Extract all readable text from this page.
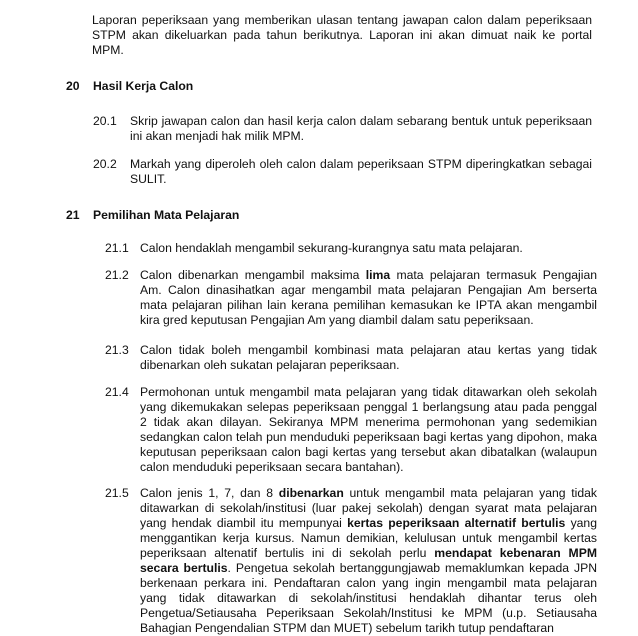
Laporan peperiksaan yang memberikan ulasan tentang jawapan calon dalam peperiksaan STPM akan dikeluarkan pada tahun berikutnya. Laporan ini akan dimuat naik ke portal MPM.

20 Hasil Kerja Calon
20.1	Skrip jawapan calon dan hasil kerja calon dalam sebarang bentuk untuk peperiksaan ini akan menjadi hak milik MPM.
20.2	Markah yang diperoleh oleh calon dalam peperiksaan STPM diperingkatkan sebagai SULIT.
21 Pemilihan Mata Pelajaran
21.1 Calon hendaklah mengambil sekurang-kurangnya satu mata pelajaran.
21.2 Calon dibenarkan mengambil maksima lima mata pelajaran termasuk Pengajian Am. Calon dinasihatkan agar mengambil mata pelajaran Pengajian Am berserta mata pelajaran pilihan lain kerana pemilihan kemasukan ke IPTA akan mengambil kira gred keputusan Pengajian Am yang diambil dalam satu peperiksaan.
21.3 Calon tidak boleh mengambil kombinasi mata pelajaran atau kertas yang tidak dibenarkan oleh sukatan pelajaran peperiksaan.
21.4 Permohonan untuk mengambil mata pelajaran yang tidak ditawarkan oleh sekolah yang dikemukakan selepas peperiksaan penggal 1 berlangsung atau pada penggal 2 tidak akan dilayan. Sekiranya MPM menerima permohonan yang sedemikian sedangkan calon telah pun menduduki peperiksaan bagi kertas yang dipohon, maka keputusan peperiksaan calon bagi kertas yang tersebut akan dibatalkan (walaupun calon menduduki peperiksaan secara bantahan).
21.5 Calon jenis 1, 7, dan 8 dibenarkan untuk mengambil mata pelajaran yang tidak ditawarkan di sekolah/institusi (luar pakej sekolah) dengan syarat mata pelajaran yang hendak diambil itu mempunyai kertas peperiksaan alternatif bertulis yang menggantikan kerja kursus. Namun demikian, kelulusan untuk mengambil kertas peperiksaan altenatif bertulis ini di sekolah perlu mendapat kebenaran MPM secara bertulis. Pengetua sekolah bertanggungjawab memaklumkan kepada JPN berkenaan perkara ini. Pendaftaran calon yang ingin mengambil mata pelajaran yang tidak ditawarkan di sekolah/institusi hendaklah dihantar terus oleh Pengetua/Setiausaha Peperiksaan Sekolah/Institusi ke MPM (u.p. Setiausaha Bahagian Pengendalian STPM dan MUET) sebelum tarikh tutup pendaftaran
